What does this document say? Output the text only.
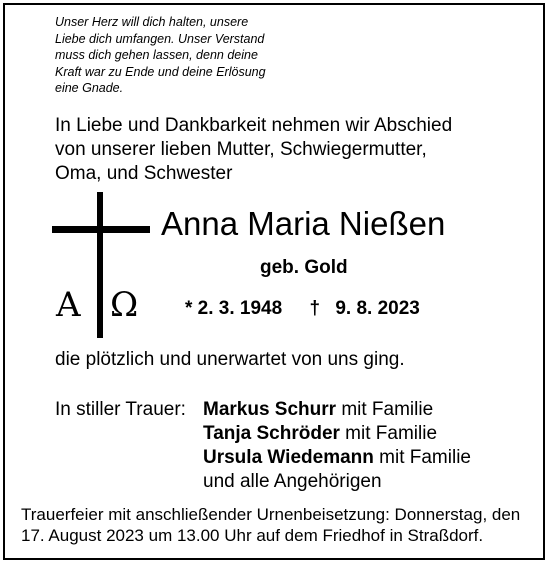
Unser Herz will dich halten, unsere
Liebe dich umfangen. Unser Verstand
muss dich gehen lassen, denn deine
Kraft war zu Ende und deine Erlösung
eine Gnade.
In Liebe und Dankbarkeit nehmen wir Abschied
von unserer lieben Mutter, Schwiegermutter,
Oma, und Schwester
Α Ω
Anna Maria Nießen
geb. Gold
* 2. 3. 1948 † 9. 8. 2023
die plötzlich und unerwartet von uns ging.
In stiller Trauer: Markus Schurr mit Familie
Tanja Schröder mit Familie
Ursula Wiedemann mit Familie
und alle Angehörigen
Trauerfeier mit anschließender Urnenbeisetzung: Donnerstag, den
17. August 2023 um 13.00 Uhr auf dem Friedhof in Straßdorf.
